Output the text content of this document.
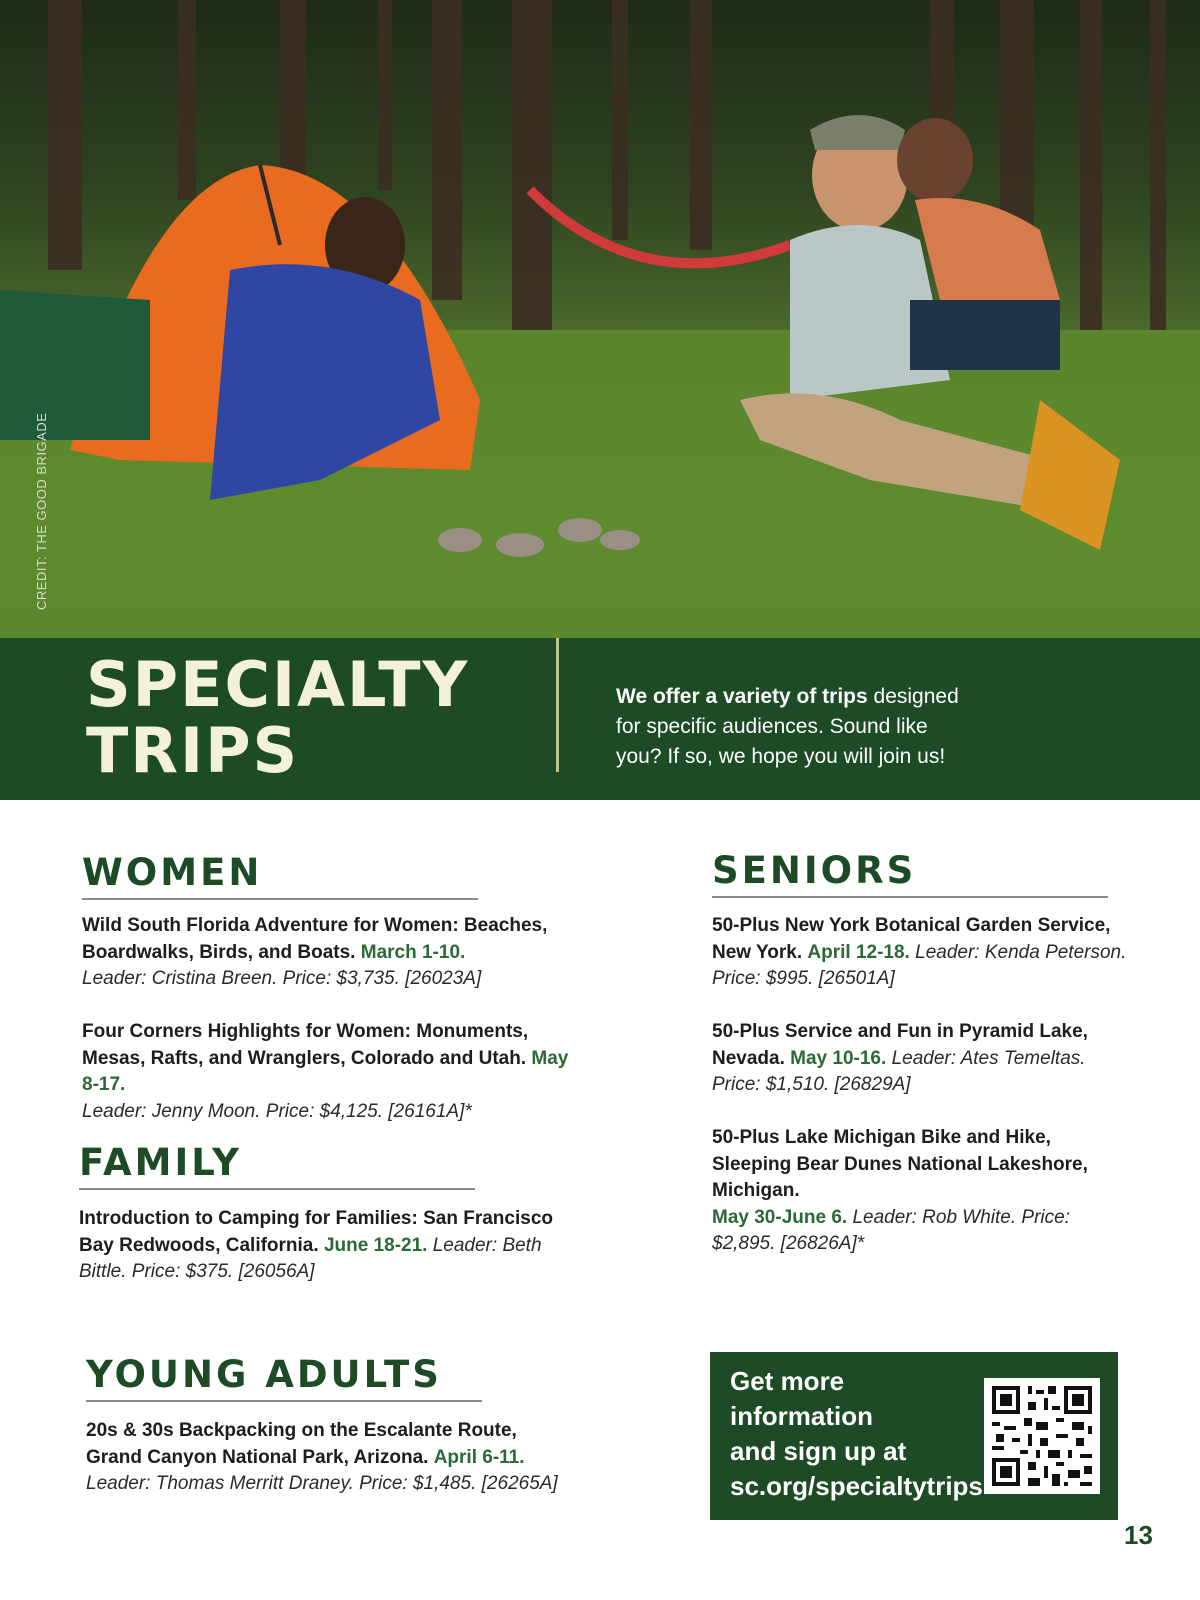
CREDIT: THE GOOD BRIGADE
SPECIALTY
TRIPS

We offer a variety of trips designed for specific audiences. Sound like you? If so, we hope you will join us!

WOMEN

Wild South Florida Adventure for Women: Beaches, Boardwalks, Birds, and Boats. March 1-10.
Leader: Cristina Breen. Price: $3,735. [26023A]

Four Corners Highlights for Women: Monuments, Mesas, Rafts, and Wranglers, Colorado and Utah. May 8-17.
Leader: Jenny Moon. Price: $4,125. [26161A]*

FAMILY

Introduction to Camping for Families: San Francisco Bay Redwoods, California. June 18-21. Leader: Beth Bittle. Price: $375. [26056A]

YOUNG ADULTS

20s & 30s Backpacking on the Escalante Route, Grand Canyon National Park, Arizona. April 6-11. Leader: Thomas Merritt Draney. Price: $1,485. [26265A]

SENIORS

50-Plus New York Botanical Garden Service, New York. April 12-18. Leader: Kenda Peterson. Price: $995. [26501A]

50-Plus Service and Fun in Pyramid Lake, Nevada. May 10-16. Leader: Ates Temeltas. Price: $1,510. [26829A]

50-Plus Lake Michigan Bike and Hike, Sleeping Bear Dunes National Lakeshore, Michigan.
May 30-June 6. Leader: Rob White. Price: $2,895. [26826A]*

Get more
information
and sign up at
sc.org/specialtytrips

13
